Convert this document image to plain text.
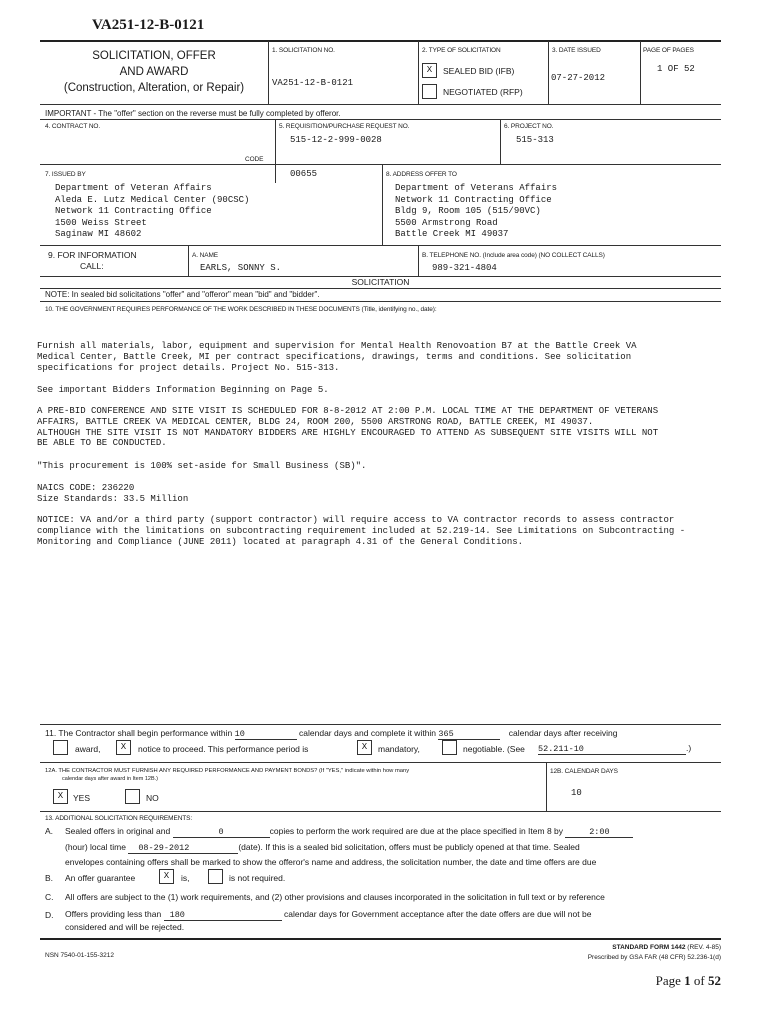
VA251-12-B-0121
SOLICITATION, OFFER
AND AWARD
(Construction, Alteration, or Repair)
1. SOLICITATION NO.
VA251-12-B-0121
2. TYPE OF SOLICITATION
X	SEALED BID (IFB)
NEGOTIATED (RFP)
3. DATE ISSUED
07-27-2012
PAGE OF PAGES
1 OF 52
IMPORTANT - The "offer" section on the reverse must be fully completed by offeror.
4. CONTRACT NO.
CODE
5. REQUISITION/PURCHASE REQUEST NO.
515-12-2-999-0028
6. PROJECT NO.
515-313
7. ISSUED BY	00655	8. ADDRESS OFFER TO
Department of Veteran Affairs
Aleda E. Lutz Medical Center (90CSC)
Network 11 Contracting Office
1500 Weiss Street
Saginaw MI 48602
Department of Veterans Affairs
Network 11 Contracting Office
Bldg 9, Room 105 (515/90VC)
5500 Armstrong Road
Battle Creek MI 49037
9. FOR INFORMATION
CALL:
A. NAME
EARLS, SONNY S.
B. TELEPHONE NO. (Include area code) (NO COLLECT CALLS)
989-321-4804
SOLICITATION
NOTE: In sealed bid solicitations "offer" and "offeror" mean "bid" and "bidder".
10. THE GOVERNMENT REQUIRES PERFORMANCE OF THE WORK DESCRIBED IN THESE DOCUMENTS (Title, identifying no., date):
Furnish all materials, labor, equipment and supervision for Mental Health Renovoation B7 at the Battle Creek VA
Medical Center, Battle Creek, MI per contract specifications, drawings, terms and conditions. See solicitation
specifications for project details. Project No. 515-313.
See important Bidders Information Beginning on Page 5.
A PRE-BID CONFERENCE AND SITE VISIT IS SCHEDULED FOR 8-8-2012 AT 2:00 P.M. LOCAL TIME AT THE DEPARTMENT OF VETERANS
AFFAIRS, BATTLE CREEK VA MEDICAL CENTER, BLDG 24, ROOM 200, 5500 ARSTRONG ROAD, BATTLE CREEK, MI 49037.
ALTHOUGH THE SITE VISIT IS NOT MANDATORY BIDDERS ARE HIGHLY ENCOURAGED TO ATTEND AS SUBSEQUENT SITE VISITS WILL NOT
BE ABLE TO BE CONDUCTED.
"This procurement is 100% set-aside for Small Business (SB)".
NAICS CODE: 236220
Size Standards: 33.5 Million
NOTICE: VA and/or a third party (support contractor) will require access to VA contractor records to assess contractor
compliance with the limitations on subcontracting requirement included at 52.219-14. See Limitations on Subcontracting -
Monitoring and Compliance (JUNE 2011) located at paragraph 4.31 of the General Conditions.
11. The Contractor shall begin performance within 10	calendar days and complete it within 365	calendar days after receiving
award,	X	notice to proceed. This performance period is	X	mandatory,	negotiable. (See 52.211-10	.)
12A. THE CONTRACTOR MUST FURNISH ANY REQUIRED PERFORMANCE AND PAYMENT BONDS? (If "YES," indicate within how many
calendar days after award in Item 12B.)
X	YES	NO
12B. CALENDAR DAYS
10
13. ADDITIONAL SOLICITATION REQUIREMENTS:
A. Sealed offers in original and	0	copies to perform the work required are due at the place specified in Item 8 by	2:00
(hour) local time 08-29-2012	(date). If this is a sealed bid solicitation, offers must be publicly opened at that time. Sealed
envelopes containing offers shall be marked to show the offeror's name and address, the solicitation number, the date and time offers are due
B. An offer guarantee	X	is,	is not required.
C. All offers are subject to the (1) work requirements, and (2) other provisions and clauses incorporated in the solicitation in full text or by reference
D. Offers providing less than 180	calendar days for Government acceptance after the date offers are due will not be
considered and will be rejected.
NSN 7540-01-155-3212
STANDARD FORM 1442 (REV. 4-85)
Prescribed by GSA FAR (48 CFR) 52.236-1(d)
Page 1 of 52
